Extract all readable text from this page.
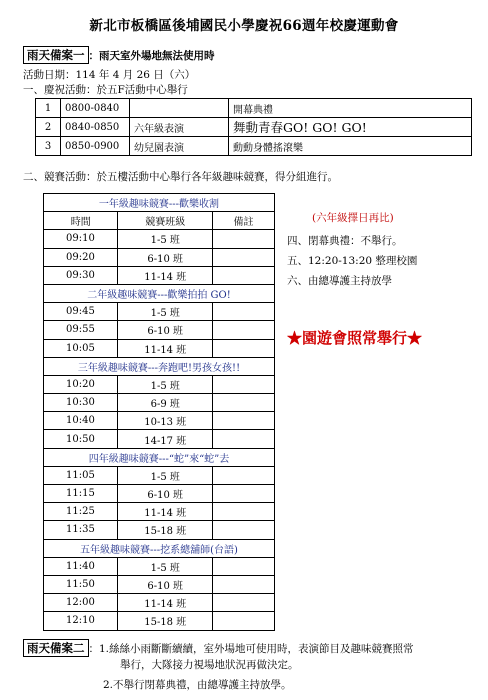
新北市板橋區後埔國民小學慶祝66週年校慶運動會
雨天備案一 ：雨天室外場地無法使用時
活動日期：114 年 4 月 26 日（六）
一、慶祝活動：於五F活動中心舉行
1	0800-0840		開幕典禮
2	0840-0850	六年級表演	舞動青春GO! GO! GO!
3	0850-0900	幼兒園表演	動動身體搖滾樂
二、競賽活動：於五樓活動中心舉行各年級趣味競賽，得分組進行。
一年級趣味競賽---歡樂收割		
時間	競賽班級	備註
09:10	1-5 班	
09:20	6-10 班	
09:30	11-14 班	
二年級趣味競賽---歡樂拍拍 GO!		
09:45	1-5 班	
09:55	6-10 班	
10:05	11-14 班	
三年級趣味競賽---奔跑吧!男孩女孩!!		
10:20	1-5 班	
10:30	6-9 班	
10:40	10-13 班	
10:50	14-17 班	
四年級趣味競賽---“蛇”來“蛇”去		
11:05	1-5 班	
11:15	6-10 班	
11:25	11-14 班	
11:35	15-18 班	
五年級趣味競賽---挖系總舖師(台語)		
11:40	1-5 班	
11:50	6-10 班	
12:00	11-14 班	
12:10	15-18 班	
(六年級擇日再比)
四、閉幕典禮：不舉行。
五、12:20-13:20 整理校園
六、由總導護主持放學
★園遊會照常舉行★
雨天備案二 ：1.絲絲小雨斷斷續續，室外場地可使用時，表演節目及趣味競賽照常
舉行，大隊接力視場地狀況再做決定。
2.不舉行閉幕典禮，由總導護主持放學。
